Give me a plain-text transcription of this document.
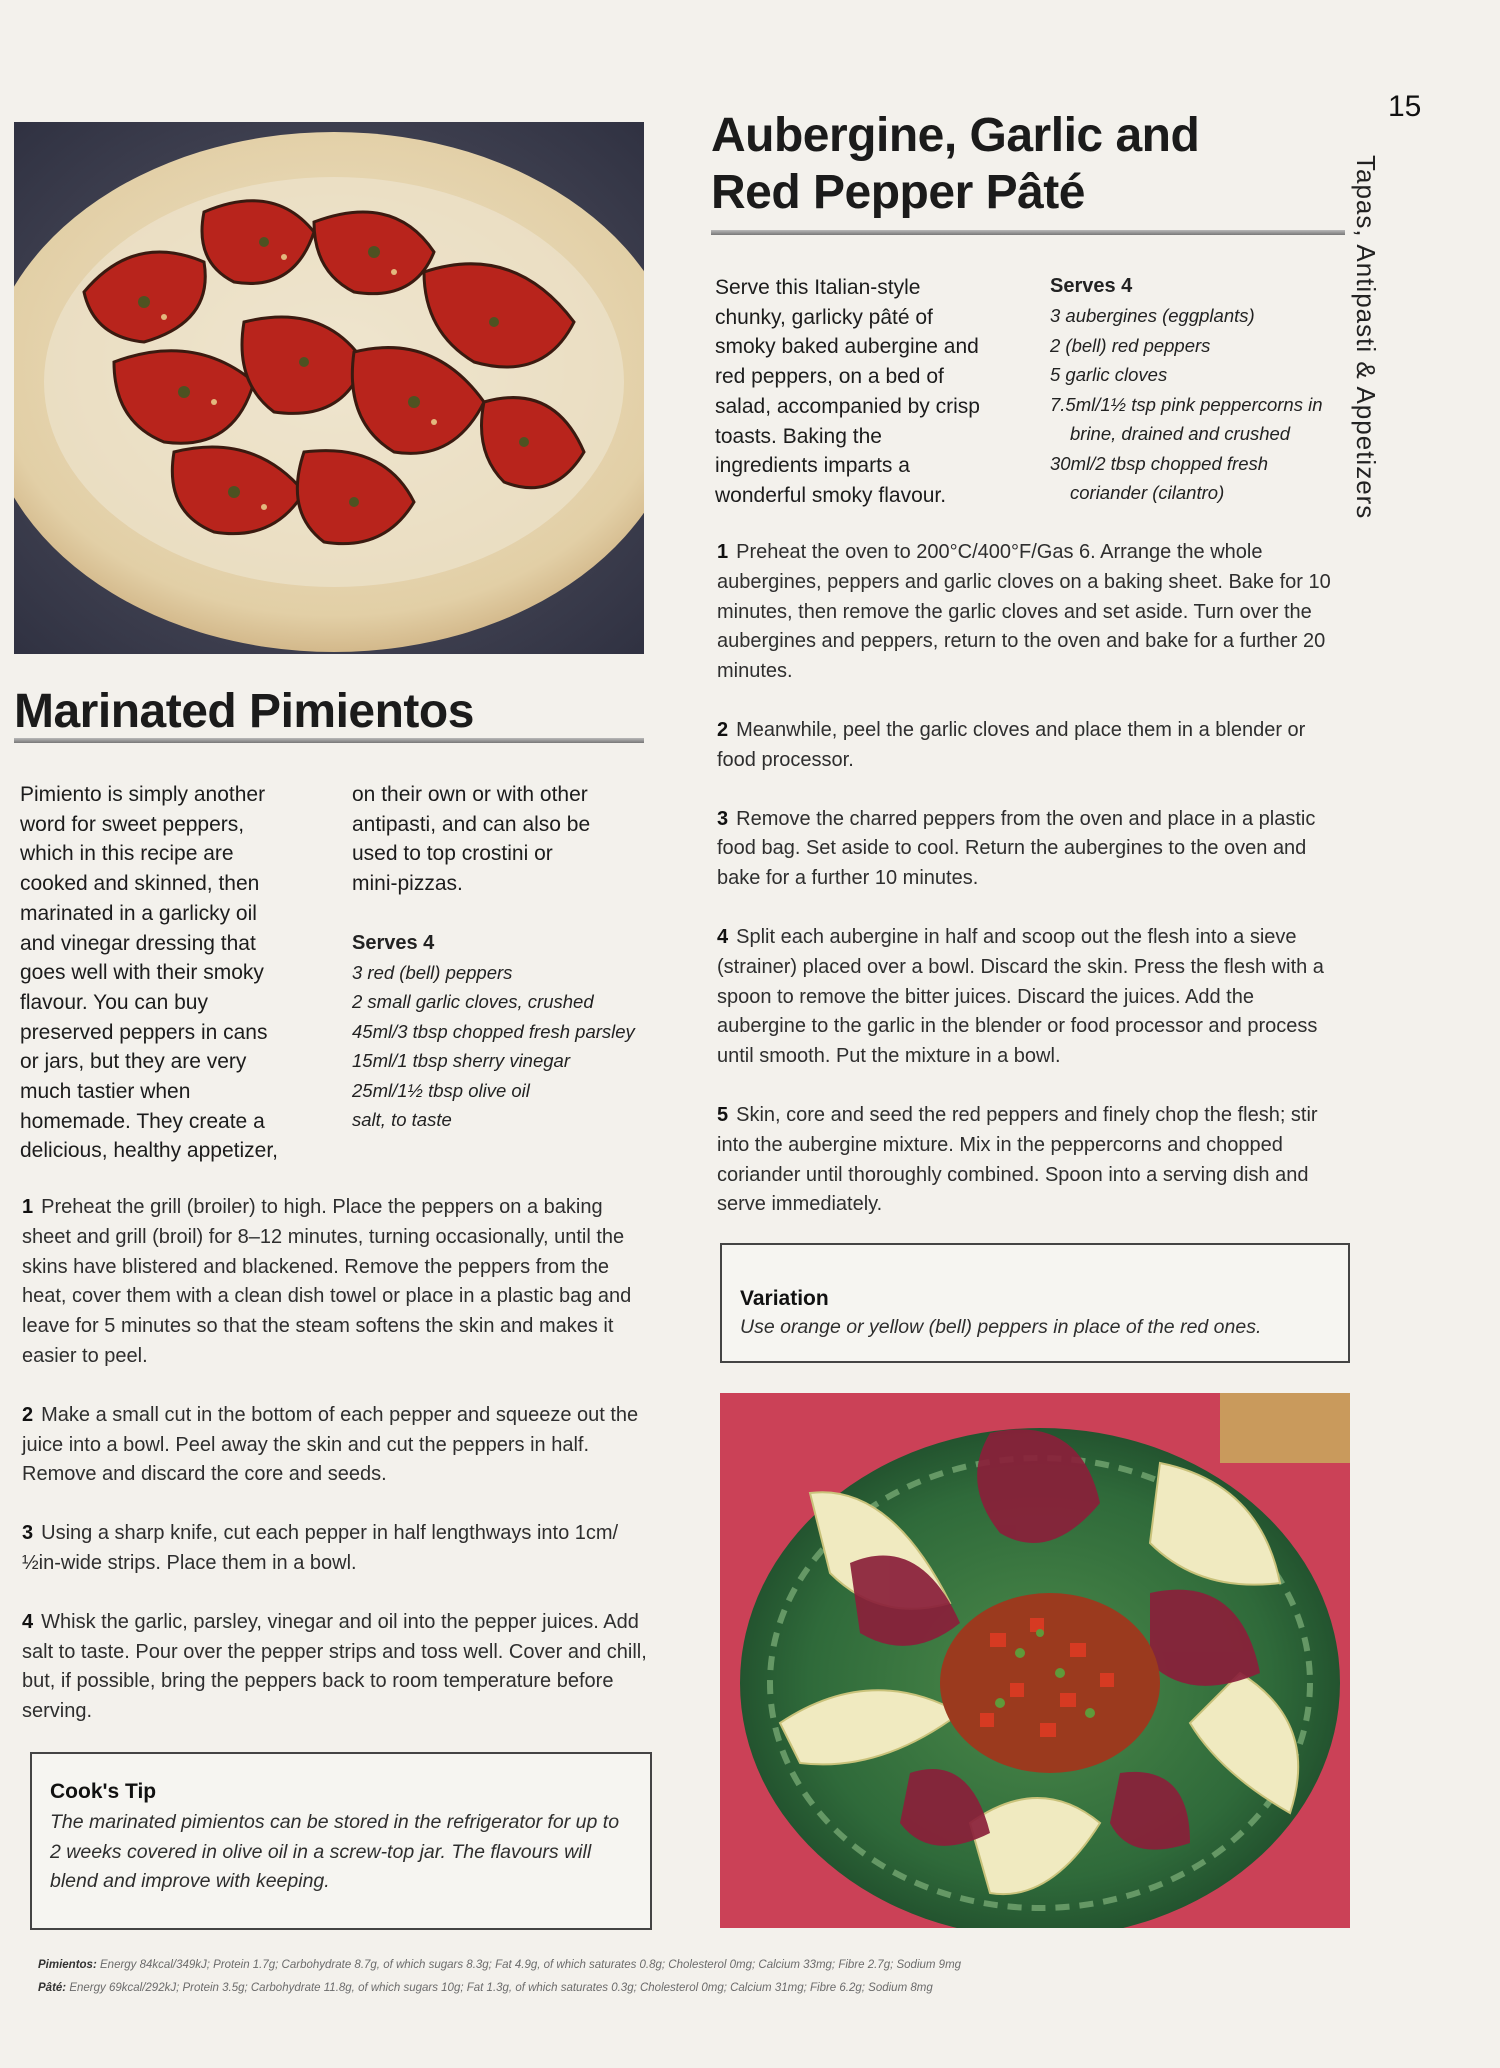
15
Tapas, Antipasti & Appetizers
Marinated Pimientos
Pimiento is simply another
word for sweet peppers,
which in this recipe are
cooked and skinned, then
marinated in a garlicky oil
and vinegar dressing that
goes well with their smoky
flavour. You can buy
preserved peppers in cans
or jars, but they are very
much tastier when
homemade. They create a
delicious, healthy appetizer,
on their own or with other
antipasti, and can also be
used to top crostini or
mini-pizzas.
Serves 4
3 red (bell) peppers
2 small garlic cloves, crushed
45ml/3 tbsp chopped fresh parsley
15ml/1 tbsp sherry vinegar
25ml/1½ tbsp olive oil
salt, to taste
1 Preheat the grill (broiler) to high. Place the peppers on a baking sheet and grill (broil) for 8–12 minutes, turning occasionally, until the skins have blistered and blackened. Remove the peppers from the heat, cover them with a clean dish towel or place in a plastic bag and leave for 5 minutes so that the steam softens the skin and makes it easier to peel.
2 Make a small cut in the bottom of each pepper and squeeze out the juice into a bowl. Peel away the skin and cut the peppers in half. Remove and discard the core and seeds.
3 Using a sharp knife, cut each pepper in half lengthways into 1cm/½in-wide strips. Place them in a bowl.
4 Whisk the garlic, parsley, vinegar and oil into the pepper juices. Add salt to taste. Pour over the pepper strips and toss well. Cover and chill, but, if possible, bring the peppers back to room temperature before serving.
Cook's Tip
The marinated pimientos can be stored in the refrigerator for up to 2 weeks covered in olive oil in a screw-top jar. The flavours will blend and improve with keeping.
Aubergine, Garlic and
Red Pepper Pâté
Serve this Italian-style
chunky, garlicky pâté of
smoky baked aubergine and
red peppers, on a bed of
salad, accompanied by crisp
toasts. Baking the
ingredients imparts a
wonderful smoky flavour.
Serves 4
3 aubergines (eggplants)
2 (bell) red peppers
5 garlic cloves
7.5ml/1½ tsp pink peppercorns in brine, drained and crushed
30ml/2 tbsp chopped fresh coriander (cilantro)
1 Preheat the oven to 200°C/400°F/Gas 6. Arrange the whole aubergines, peppers and garlic cloves on a baking sheet. Bake for 10 minutes, then remove the garlic cloves and set aside. Turn over the aubergines and peppers, return to the oven and bake for a further 20 minutes.
2 Meanwhile, peel the garlic cloves and place them in a blender or food processor.
3 Remove the charred peppers from the oven and place in a plastic food bag. Set aside to cool. Return the aubergines to the oven and bake for a further 10 minutes.
4 Split each aubergine in half and scoop out the flesh into a sieve (strainer) placed over a bowl. Discard the skin. Press the flesh with a spoon to remove the bitter juices. Discard the juices. Add the aubergine to the garlic in the blender or food processor and process until smooth. Put the mixture in a bowl.
5 Skin, core and seed the red peppers and finely chop the flesh; stir into the aubergine mixture. Mix in the peppercorns and chopped coriander until thoroughly combined. Spoon into a serving dish and serve immediately.
Variation
Use orange or yellow (bell) peppers in place of the red ones.
Pimientos: Energy 84kcal/349kJ; Protein 1.7g; Carbohydrate 8.7g, of which sugars 8.3g; Fat 4.9g, of which saturates 0.8g; Cholesterol 0mg; Calcium 33mg; Fibre 2.7g; Sodium 9mg
Pâté: Energy 69kcal/292kJ; Protein 3.5g; Carbohydrate 11.8g, of which sugars 10g; Fat 1.3g, of which saturates 0.3g; Cholesterol 0mg; Calcium 31mg; Fibre 6.2g; Sodium 8mg
